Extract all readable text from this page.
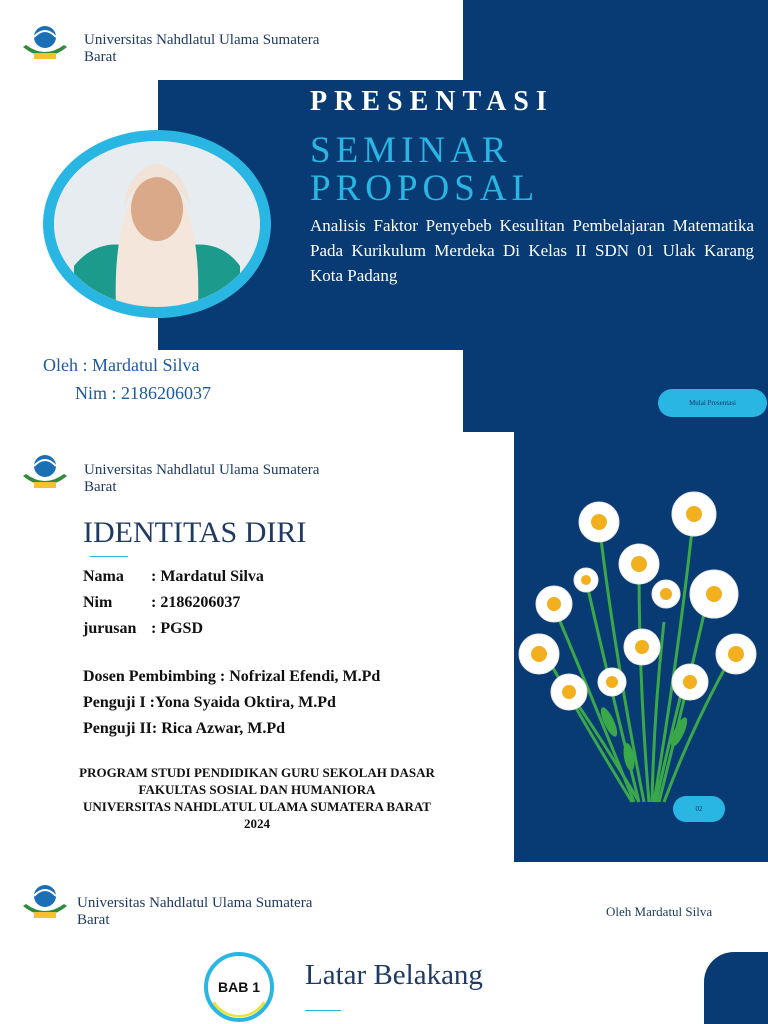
Universitas Nahdlatul Ulama Sumatera
Barat
PRESENTASI
SEMINAR
PROPOSAL
Analisis Faktor Penyebeb Kesulitan Pembelajaran Matematika Pada Kurikulum Merdeka Di Kelas II SDN 01 Ulak Karang Kota Padang
Oleh : Mardatul Silva
Nim : 2186206037	Mulai Presentasi
Universitas Nahdlatul Ulama Sumatera
Barat
IDENTITAS DIRI
Nama : Mardatul Silva
Nim : 2186206037
jurusan : PGSD
Dosen Pembimbing : Nofrizal Efendi, M.Pd
Penguji I :Yona Syaida Oktira, M.Pd
Penguji II: Rica Azwar, M.Pd
PROGRAM STUDI PENDIDIKAN GURU SEKOLAH DASAR
FAKULTAS SOSIAL DAN HUMANIORA
UNIVERSITAS NAHDLATUL ULAMA SUMATERA BARAT
2024
02
Universitas Nahdlatul Ulama Sumatera
Barat
Oleh Mardatul Silva
BAB 1 Latar Belakang
